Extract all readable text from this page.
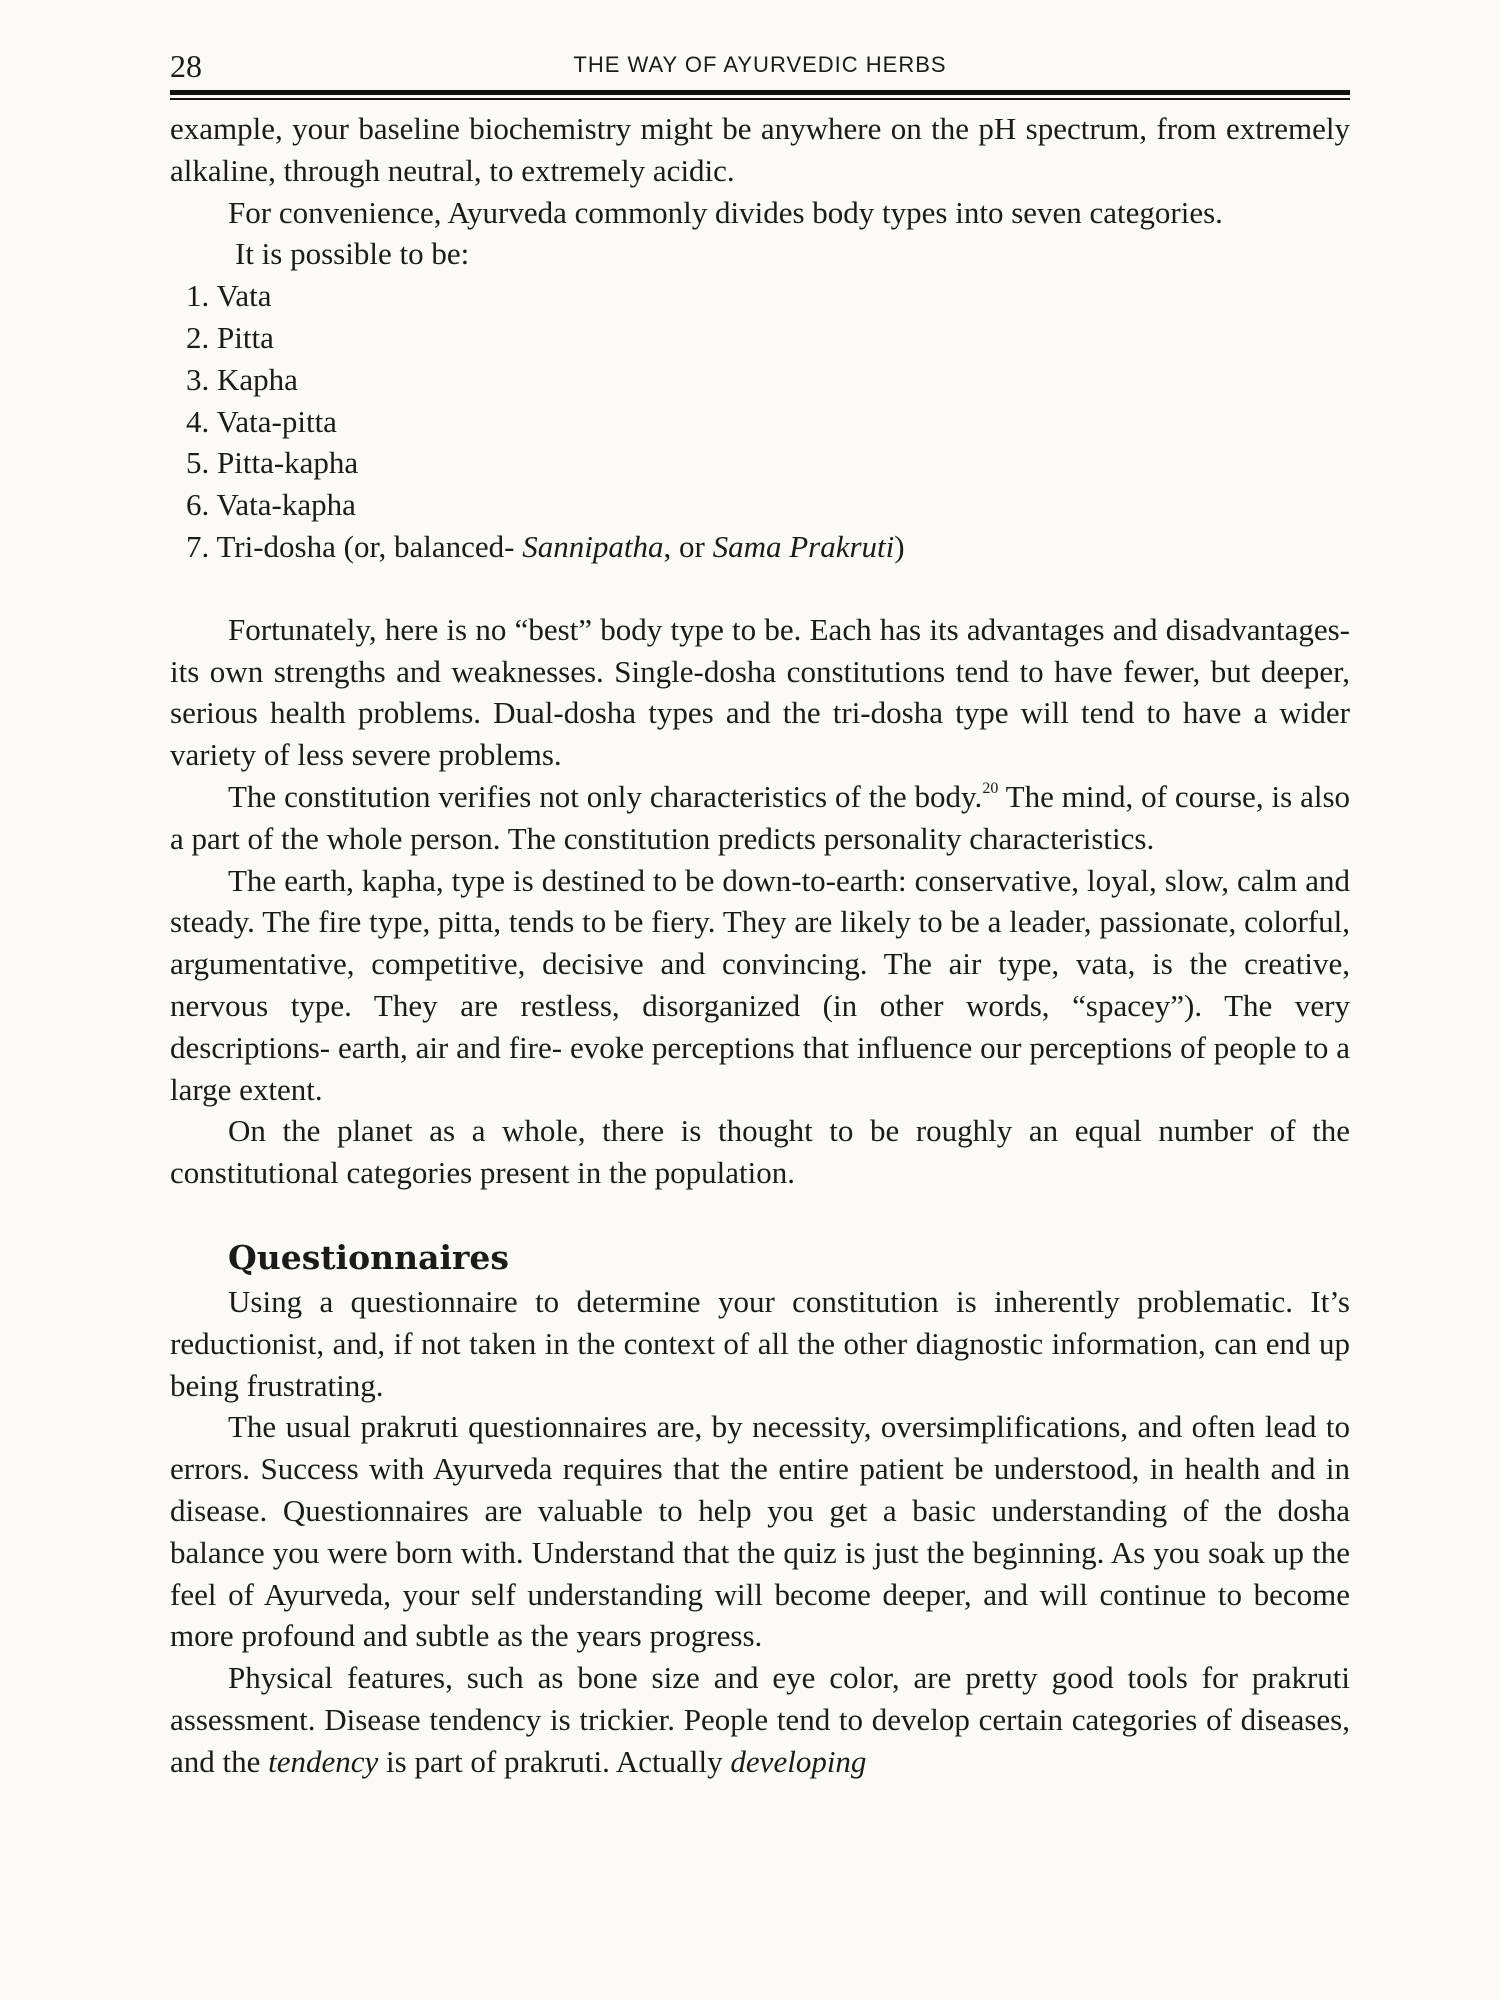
28	THE WAY OF AYURVEDIC HERBS

example, your baseline biochemistry might be anywhere on the pH spectrum, from extremely alkaline, through neutral, to extremely acidic.

For convenience, Ayurveda commonly divides body types into seven categories.

It is possible to be:

1. Vata
2. Pitta
3. Kapha
4. Vata-pitta
5. Pitta-kapha
6. Vata-kapha
7. Tri-dosha (or, balanced- Sannipatha, or Sama Prakruti)

Fortunately, here is no “best” body type to be. Each has its advantages and disadvantages- its own strengths and weaknesses. Single-dosha constitutions tend to have fewer, but deeper, serious health problems. Dual-dosha types and the tri-dosha type will tend to have a wider variety of less severe problems.

The constitution verifies not only characteristics of the body.$^{20}$ The mind, of course, is also a part of the whole person. The constitution predicts personality characteristics.

The earth, kapha, type is destined to be down-to-earth: conservative, loyal, slow, calm and steady. The fire type, pitta, tends to be fiery. They are likely to be a leader, passionate, colorful, argumentative, competitive, decisive and convincing. The air type, vata, is the creative, nervous type. They are restless, disorganized (in other words, “spacey”). The very descriptions- earth, air and fire- evoke perceptions that influence our perceptions of people to a large extent.

On the planet as a whole, there is thought to be roughly an equal number of the constitutional categories present in the population.

Questionnaires

Using a questionnaire to determine your constitution is inherently problematic. It’s reductionist, and, if not taken in the context of all the other diagnostic information, can end up being frustrating.

The usual prakruti questionnaires are, by necessity, oversimplifications, and often lead to errors. Success with Ayurveda requires that the entire patient be understood, in health and in disease. Questionnaires are valuable to help you get a basic understanding of the dosha balance you were born with. Understand that the quiz is just the beginning. As you soak up the feel of Ayurveda, your self understanding will become deeper, and will continue to become more profound and subtle as the years progress.

Physical features, such as bone size and eye color, are pretty good tools for prakruti assessment. Disease tendency is trickier. People tend to develop certain categories of diseases, and the tendency is part of prakruti. Actually developing
